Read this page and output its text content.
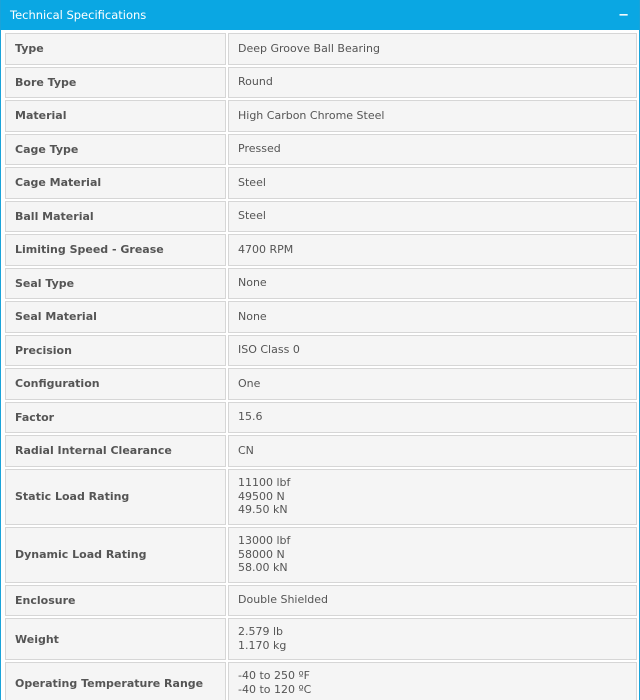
Technical Specifications	−
Type	Deep Groove Ball Bearing

Bore Type	Round

Material	High Carbon Chrome Steel

Cage Type	Pressed

Cage Material	Steel

Ball Material	Steel

Limiting Speed - Grease	4700 RPM

Seal Type	None

Seal Material	None

Precision	ISO Class 0

Configuration	One

Factor	15.6

Radial Internal Clearance	CN

Static Load Rating	11100 lbf
49500 N
49.50 kN

Dynamic Load Rating	13000 lbf
58000 N
58.00 kN

Enclosure	Double Shielded

Weight	2.579 lb
1.170 kg

Operating Temperature Range	-40 to 250 ºF
-40 to 120 ºC
